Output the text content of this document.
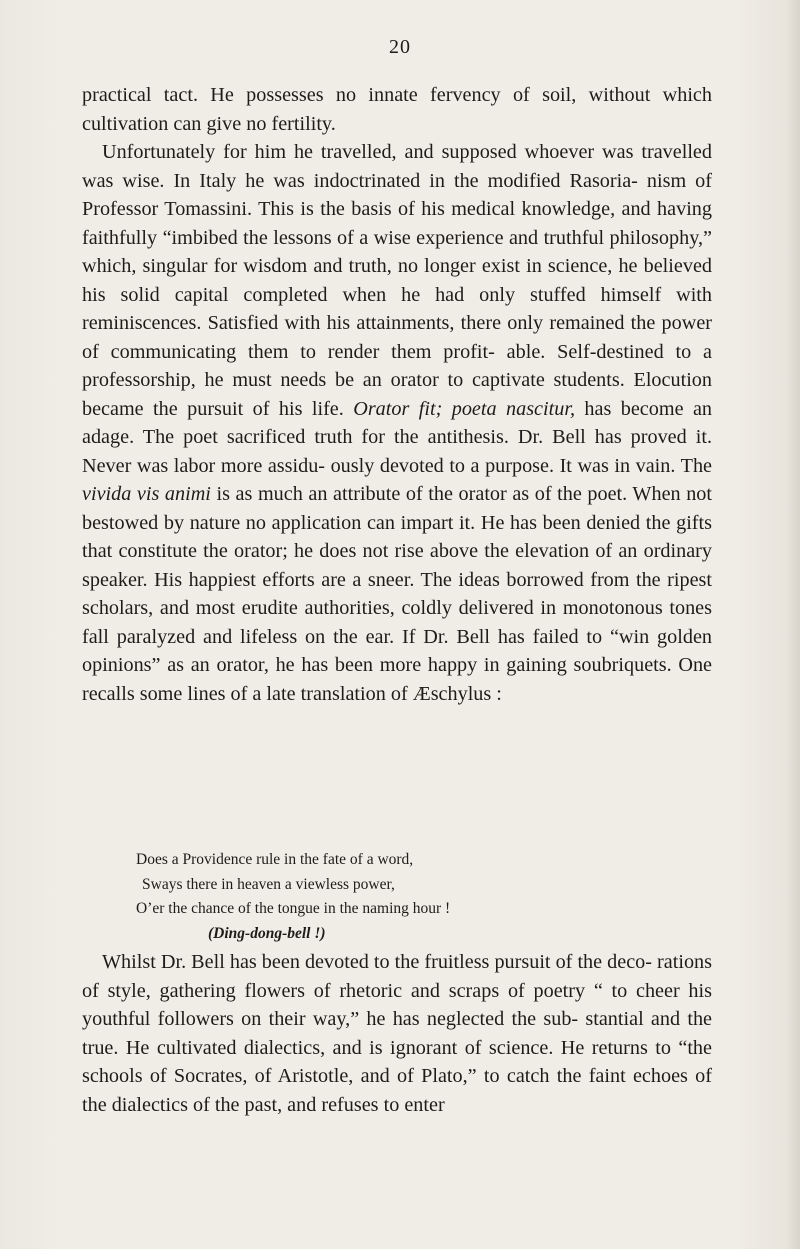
20

practical tact. He possesses no innate fervency of soil, without which cultivation can give no fertility.

Unfortunately for him he travelled, and supposed whoever was travelled was wise. In Italy he was indoctrinated in the modified Rasoria- nism of Professor Tomassini. This is the basis of his medical knowledge, and having faithfully “imbibed the lessons of a wise experience and truthful philosophy,” which, singular for wisdom and truth, no longer exist in science, he believed his solid capital completed when he had only stuffed himself with reminiscences. Satisfied with his attainments, there only remained the power of communicating them to render them profit- able. Self-destined to a professorship, he must needs be an orator to captivate students. Elocution became the pursuit of his life. Orator fit; poeta nascitur, has become an adage. The poet sacrificed truth for the antithesis. Dr. Bell has proved it. Never was labor more assidu- ously devoted to a purpose. It was in vain. The vivida vis animi is as much an attribute of the orator as of the poet. When not bestowed by nature no application can impart it. He has been denied the gifts that constitute the orator; he does not rise above the elevation of an ordinary speaker. His happiest efforts are a sneer. The ideas borrowed from the ripest scholars, and most erudite authorities, coldly delivered in monotonous tones fall paralyzed and lifeless on the ear. If Dr. Bell has failed to “win golden opinions” as an orator, he has been more happy in gaining soubriquets. One recalls some lines of a late translation of Æschylus :

Does a Providence rule in the fate of a word,
Sways there in heaven a viewless power,
O’er the chance of the tongue in the naming hour !
(Ding-dong-bell !)

Whilst Dr. Bell has been devoted to the fruitless pursuit of the deco- rations of style, gathering flowers of rhetoric and scraps of poetry “ to cheer his youthful followers on their way,” he has neglected the sub- stantial and the true. He cultivated dialectics, and is ignorant of science. He returns to “the schools of Socrates, of Aristotle, and of Plato,” to catch the faint echoes of the dialectics of the past, and refuses to enter
